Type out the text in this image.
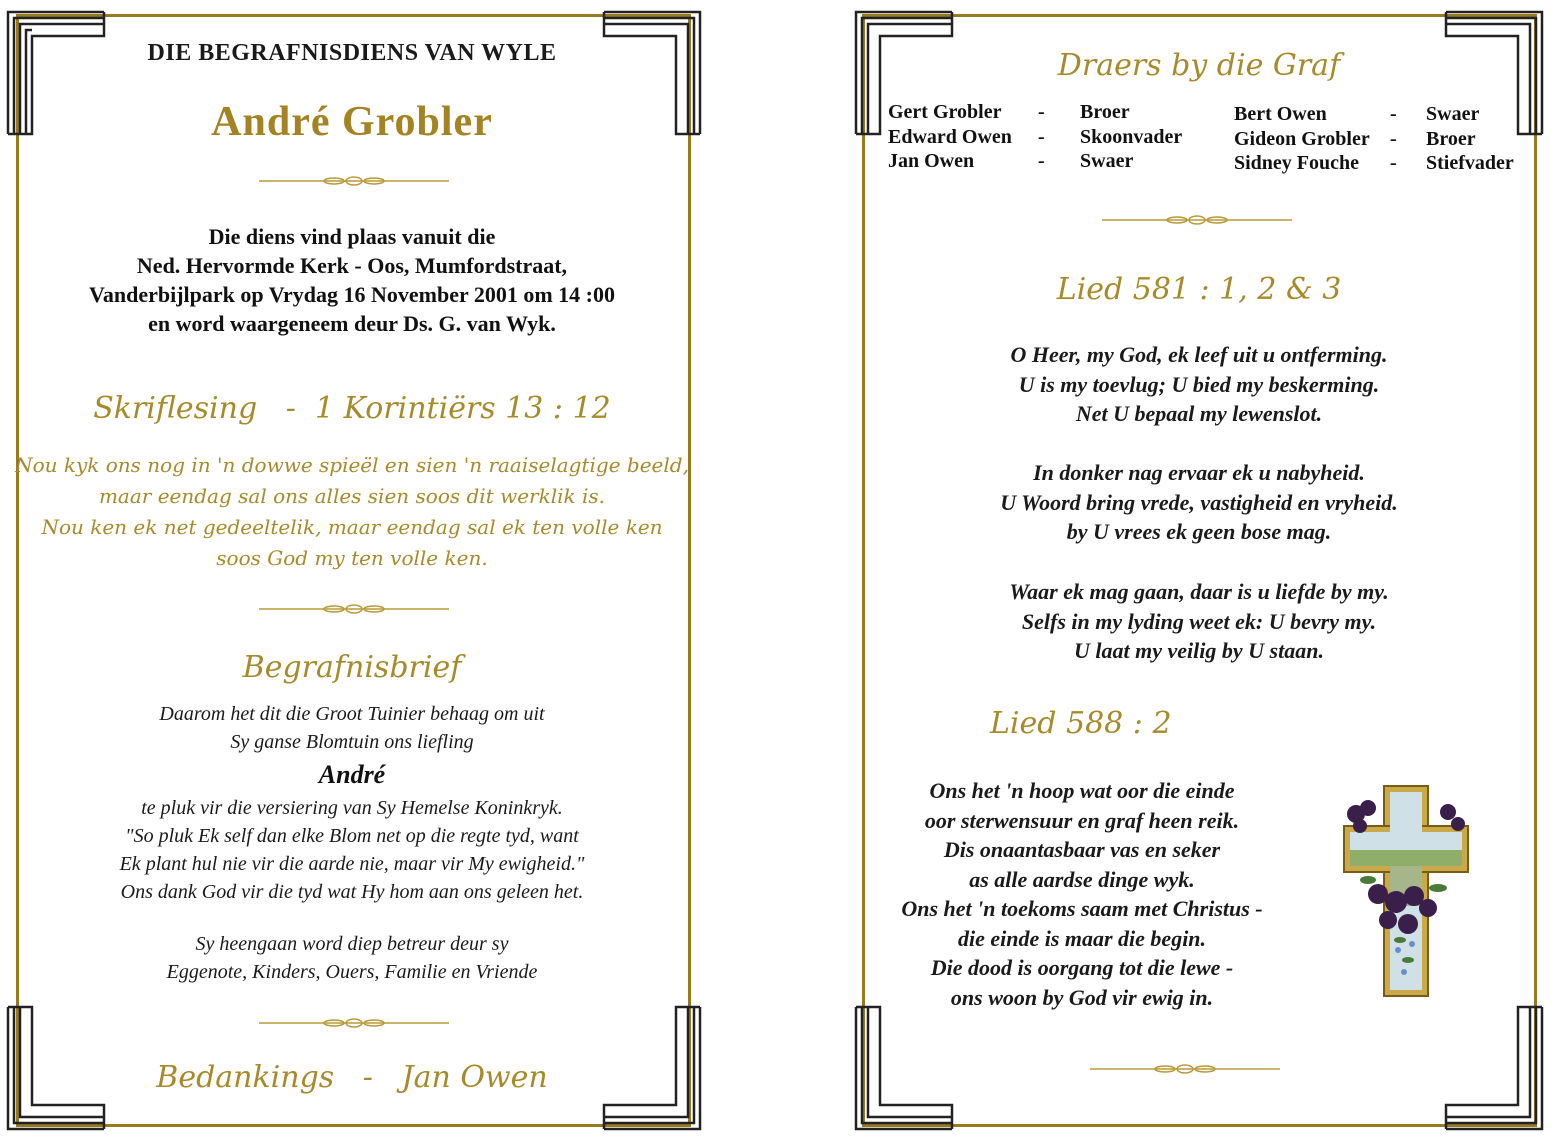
DIE BEGRAFNISDIENS VAN WYLE
André Grobler
Die diens vind plaas vanuit die
Ned. Hervormde Kerk - Oos, Mumfordstraat,
Vanderbijlpark op Vrydag 16 November 2001 om 14 :00
en word waargeneem deur Ds. G. van Wyk.
Skriflesing   -  1 Korintiërs 13 : 12
Nou kyk ons nog in 'n dowwe spieël en sien 'n raaiselagtige beeld,
maar eendag sal ons alles sien soos dit werklik is.
Nou ken ek net gedeeltelik, maar eendag sal ek ten volle ken
soos God my ten volle ken.
Begrafnisbrief
Daarom het dit die Groot Tuinier behaag om uit
Sy ganse Blomtuin ons liefling
André
te pluk vir die versiering van Sy Hemelse Koninkryk.
"So pluk Ek self dan elke Blom net op die regte tyd, want
Ek plant hul nie vir die aarde nie, maar vir My ewigheid."
Ons dank God vir die tyd wat Hy hom aan ons geleen het.
Sy heengaan word diep betreur deur sy
Eggenote, Kinders, Ouers, Familie en Vriende
Bedankings   -   Jan Owen
Draers by die Graf
Gert Grobler	-	Broer
Edward Owen	-	Skoonvader
Jan Owen	-	Swaer
Bert Owen	-	Swaer
Gideon Grobler	-	Broer
Sidney Fouche	-	Stiefvader
Lied 581 : 1, 2 & 3
O Heer, my God, ek leef uit u ontferming.
U is my toevlug; U bied my beskerming.
Net U bepaal my lewenslot.
In donker nag ervaar ek u nabyheid.
U Woord bring vrede, vastigheid en vryheid.
by U vrees ek geen bose mag.
Waar ek mag gaan, daar is u liefde by my.
Selfs in my lyding weet ek: U bevry my.
U laat my veilig by U staan.
Lied 588 : 2
Ons het 'n hoop wat oor die einde
oor sterwensuur en graf heen reik.
Dis onaantasbaar vas en seker
as alle aardse dinge wyk.
Ons het 'n toekoms saam met Christus -
die einde is maar die begin.
Die dood is oorgang tot die lewe -
ons woon by God vir ewig in.
